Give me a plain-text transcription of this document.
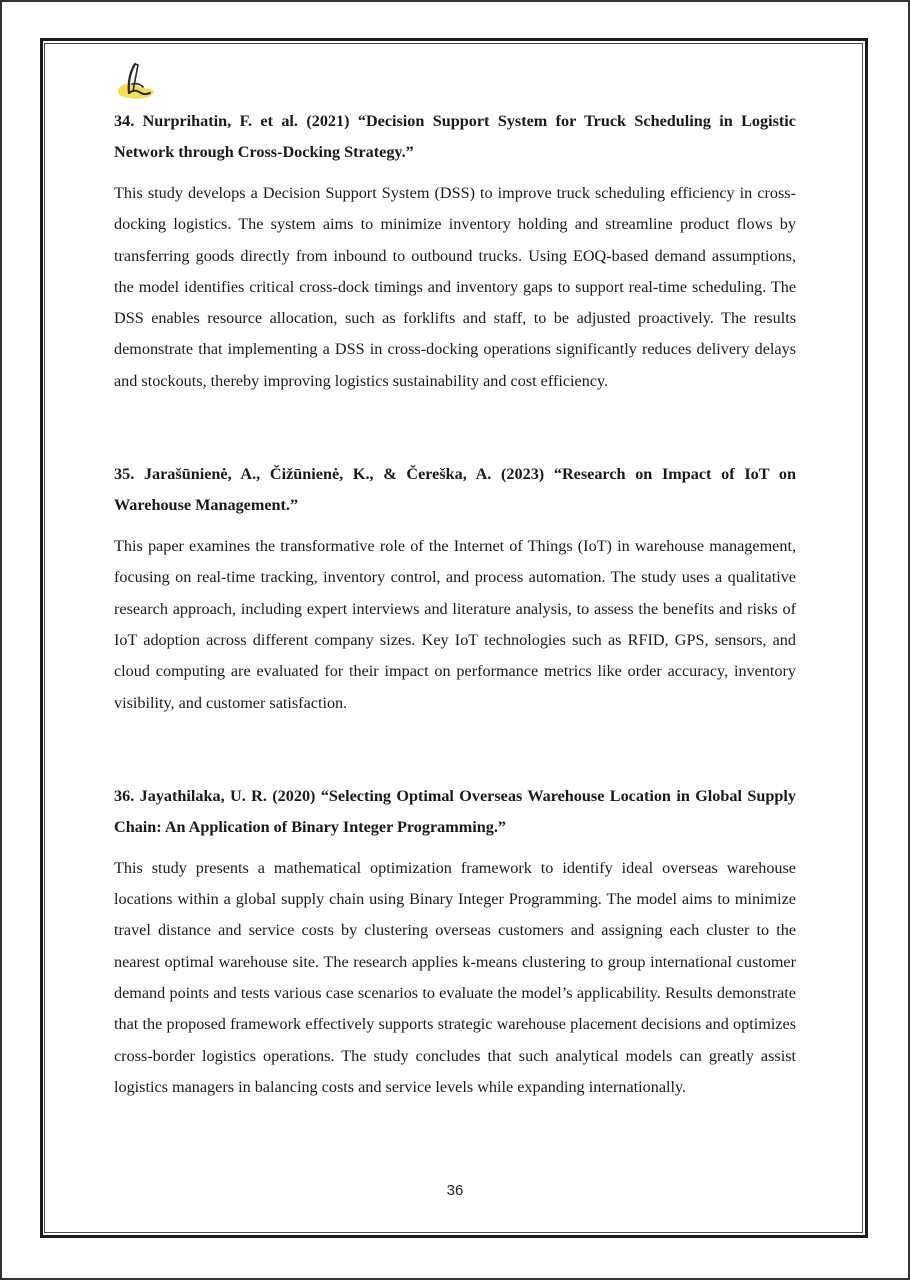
34. Nurprihatin, F. et al. (2021) “Decision Support System for Truck Scheduling in Logistic Network through Cross-Docking Strategy.”

This study develops a Decision Support System (DSS) to improve truck scheduling efficiency in cross-docking logistics. The system aims to minimize inventory holding and streamline product flows by transferring goods directly from inbound to outbound trucks. Using EOQ-based demand assumptions, the model identifies critical cross-dock timings and inventory gaps to support real-time scheduling. The DSS enables resource allocation, such as forklifts and staff, to be adjusted proactively. The results demonstrate that implementing a DSS in cross-docking operations significantly reduces delivery delays and stockouts, thereby improving logistics sustainability and cost efficiency.

35. Jarašūnienė, A., Čižūnienė, K., & Čereška, A. (2023) “Research on Impact of IoT on Warehouse Management.”

This paper examines the transformative role of the Internet of Things (IoT) in warehouse management, focusing on real-time tracking, inventory control, and process automation. The study uses a qualitative research approach, including expert interviews and literature analysis, to assess the benefits and risks of IoT adoption across different company sizes. Key IoT technologies such as RFID, GPS, sensors, and cloud computing are evaluated for their impact on performance metrics like order accuracy, inventory visibility, and customer satisfaction.

36. Jayathilaka, U. R. (2020) “Selecting Optimal Overseas Warehouse Location in Global Supply Chain: An Application of Binary Integer Programming.”

This study presents a mathematical optimization framework to identify ideal overseas warehouse locations within a global supply chain using Binary Integer Programming. The model aims to minimize travel distance and service costs by clustering overseas customers and assigning each cluster to the nearest optimal warehouse site. The research applies k-means clustering to group international customer demand points and tests various case scenarios to evaluate the model’s applicability. Results demonstrate that the proposed framework effectively supports strategic warehouse placement decisions and optimizes cross-border logistics operations. The study concludes that such analytical models can greatly assist logistics managers in balancing costs and service levels while expanding internationally.

36
